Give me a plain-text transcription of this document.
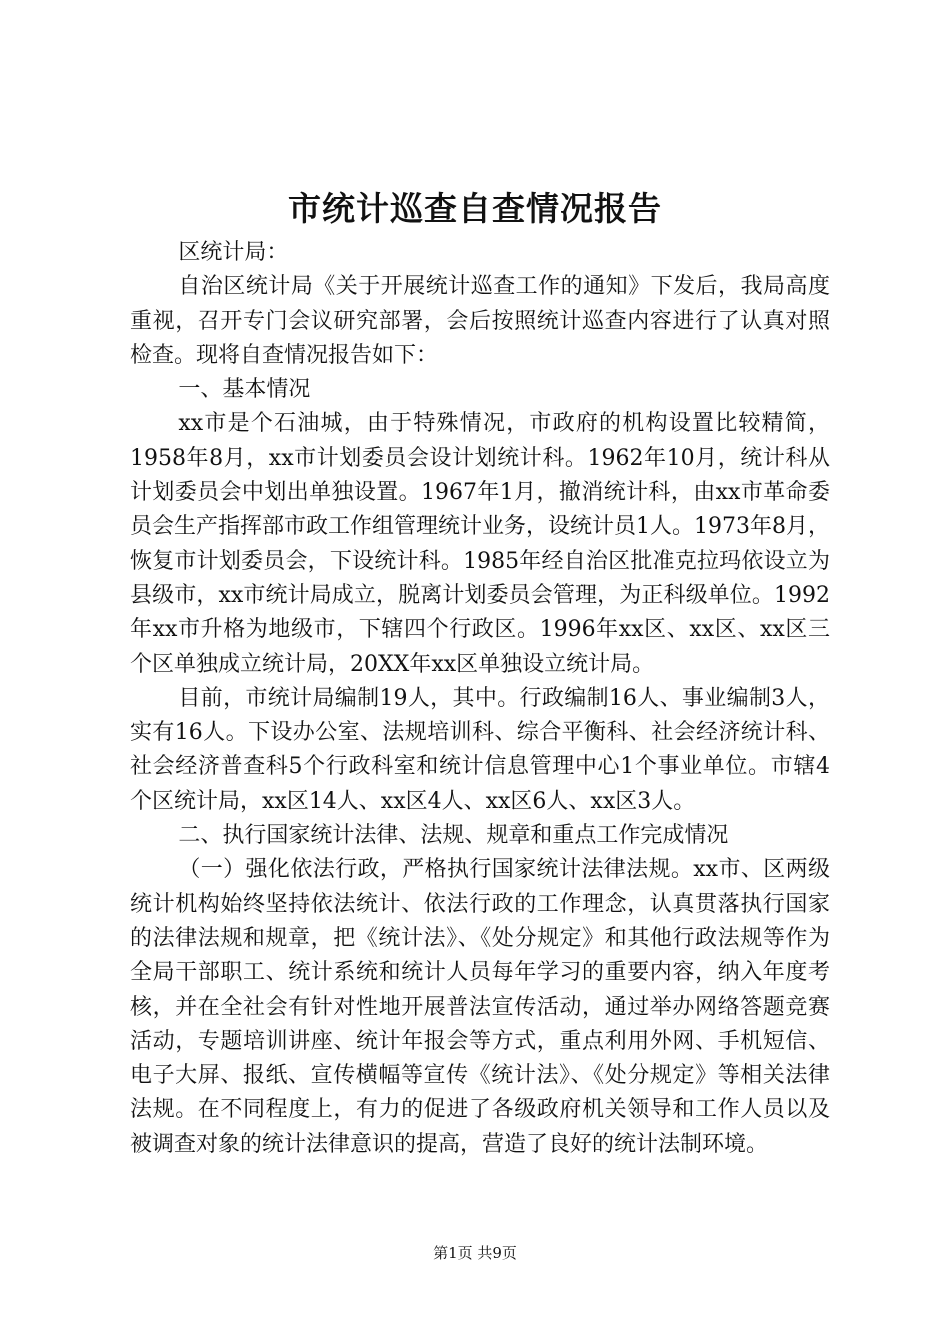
市统计巡查自查情况报告

区统计局：

自治区统计局《关于开展统计巡查工作的通知》下发后，我局高度重视，召开专门会议研究部署，会后按照统计巡查内容进行了认真对照检查。现将自查情况报告如下：

一、基本情况

xx市是个石油城，由于特殊情况，市政府的机构设置比较精简，1958年8月，xx市计划委员会设计划统计科。1962年10月，统计科从计划委员会中划出单独设置。1967年1月，撤消统计科，由xx市革命委员会生产指挥部市政工作组管理统计业务，设统计员1人。1973年8月，恢复市计划委员会，下设统计科。1985年经自治区批准克拉玛依设立为县级市，xx市统计局成立，脱离计划委员会管理，为正科级单位。1992年xx市升格为地级市，下辖四个行政区。1996年xx区、xx区、xx区三个区单独成立统计局，20XX年xx区单独设立统计局。

目前，市统计局编制19人，其中。行政编制16人、事业编制3人，实有16人。下设办公室、法规培训科、综合平衡科、社会经济统计科、社会经济普查科5个行政科室和统计信息管理中心1个事业单位。市辖4个区统计局，xx区14人、xx区4人、xx区6人、xx区3人。

二、执行国家统计法律、法规、规章和重点工作完成情况

（一）强化依法行政，严格执行国家统计法律法规。xx市、区两级统计机构始终坚持依法统计、依法行政的工作理念，认真贯落执行国家的法律法规和规章，把《统计法》、《处分规定》和其他行政法规等作为全局干部职工、统计系统和统计人员每年学习的重要内容，纳入年度考核，并在全社会有针对性地开展普法宣传活动，通过举办网络答题竞赛活动，专题培训讲座、统计年报会等方式，重点利用外网、手机短信、电子大屏、报纸、宣传横幅等宣传《统计法》、《处分规定》等相关法律法规。在不同程度上，有力的促进了各级政府机关领导和工作人员以及被调查对象的统计法律意识的提高，营造了良好的统计法制环境。

第1页 共9页
